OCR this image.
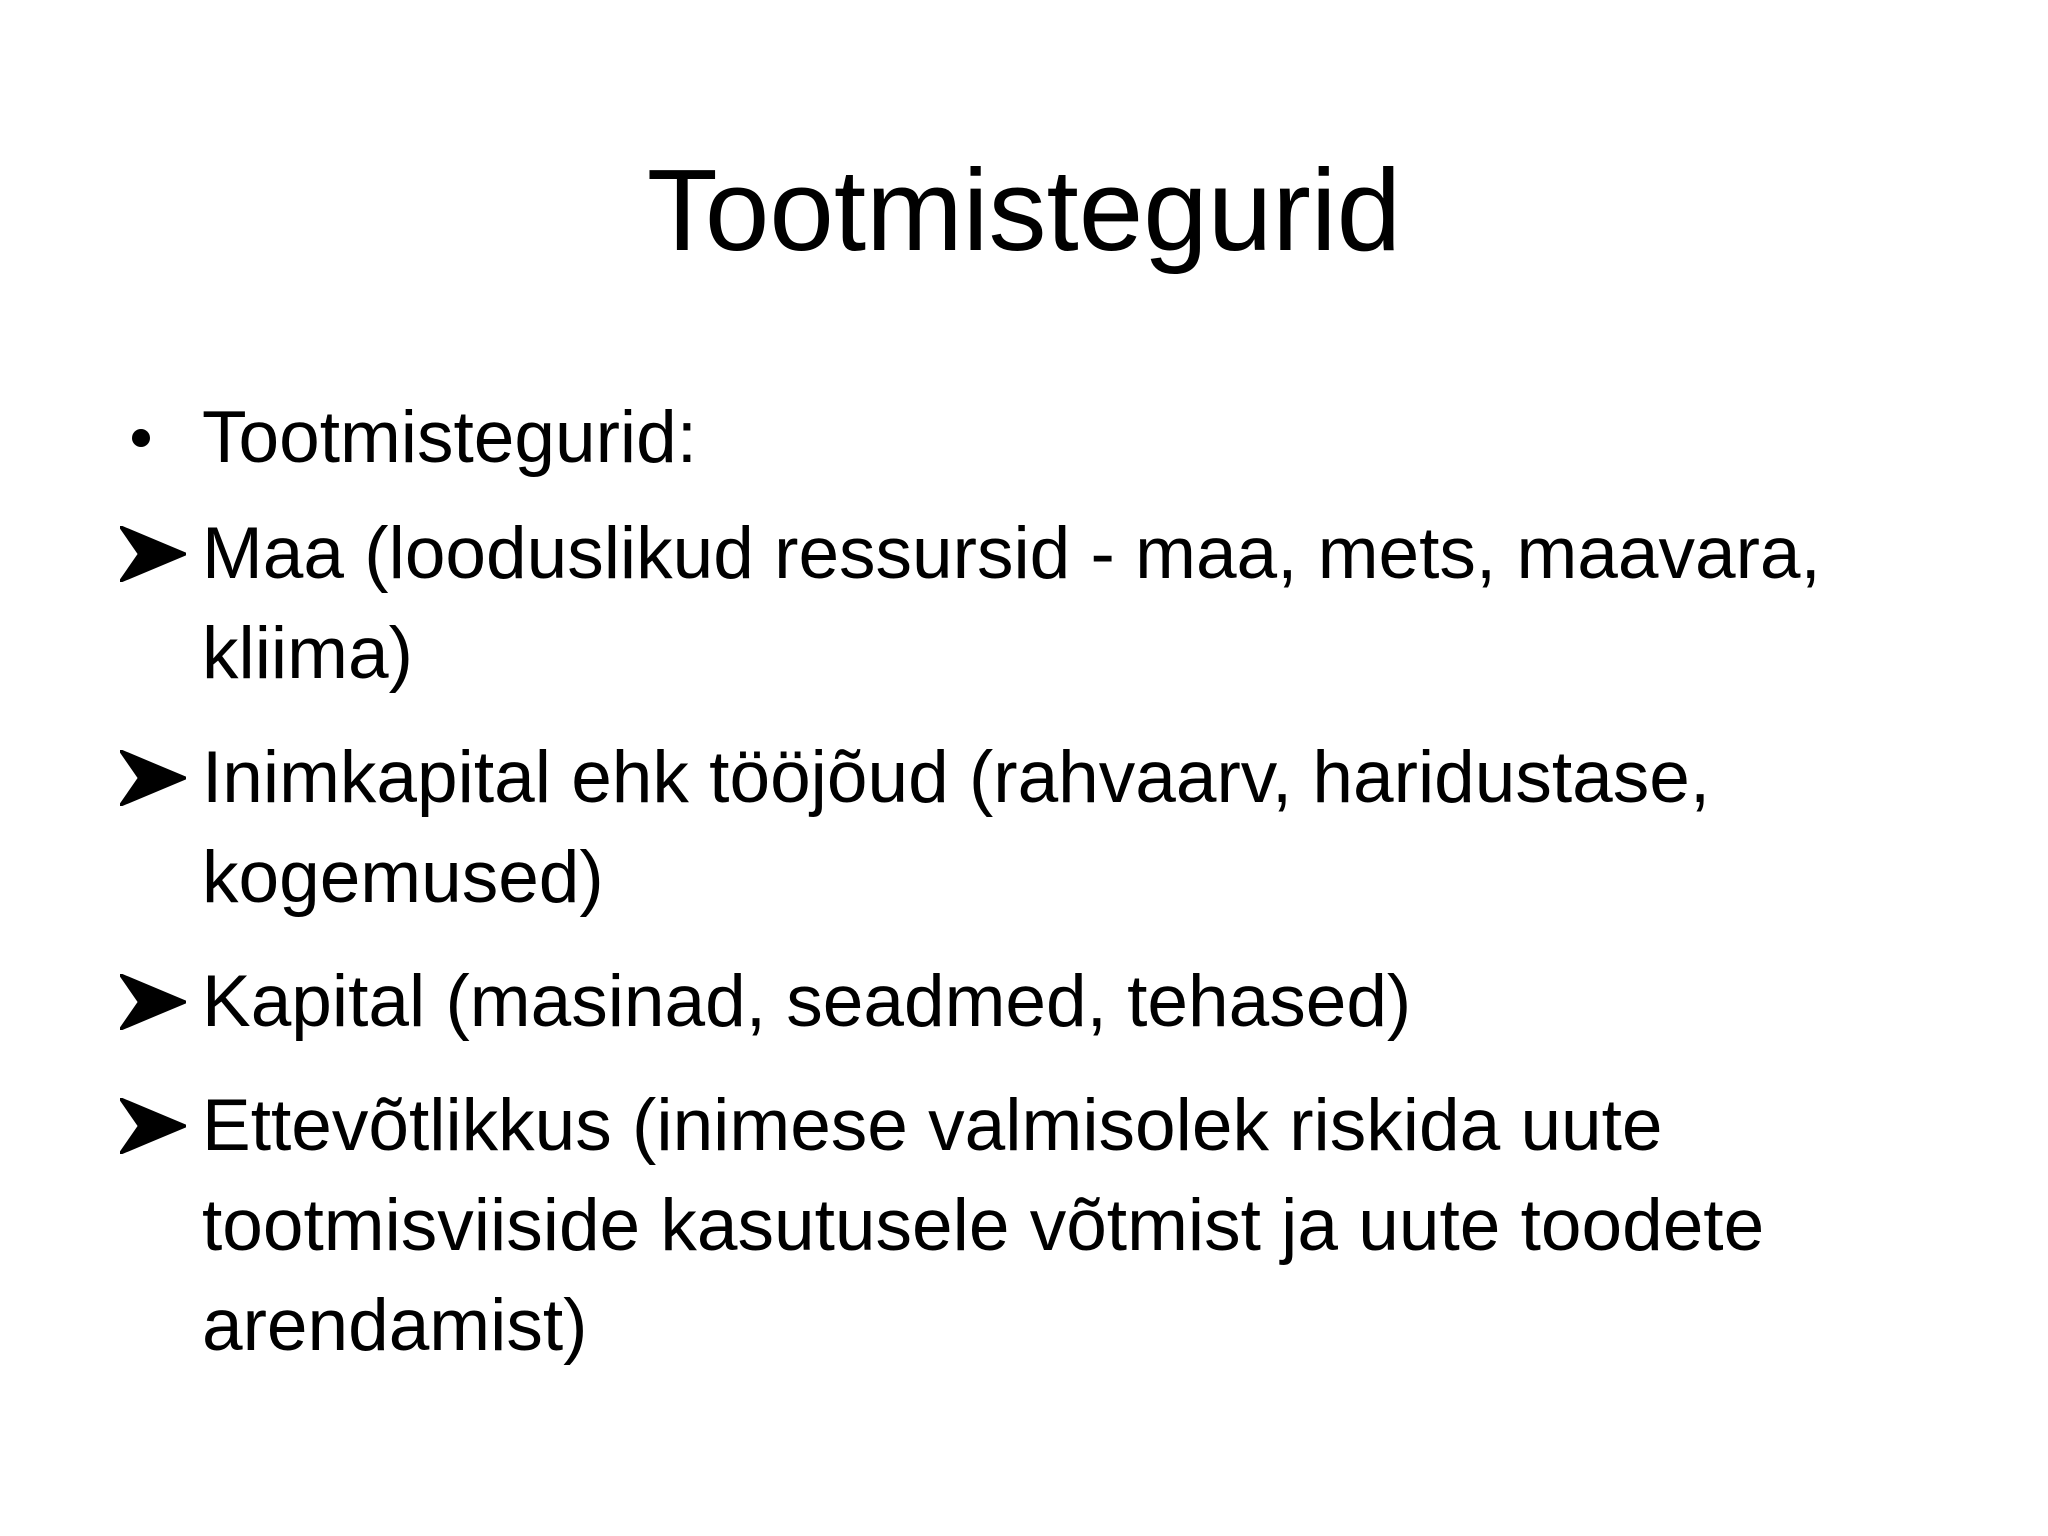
Tootmistegurid
Tootmistegurid:
Maa (looduslikud ressursid - maa, mets, maavara, kliima)
Inimkapital ehk tööjõud (rahvaarv, haridustase, kogemused)
Kapital (masinad, seadmed, tehased)
Ettevõtlikkus (inimese valmisolek riskida uute tootmisviiside kasutusele võtmist ja uute toodete arendamist)
